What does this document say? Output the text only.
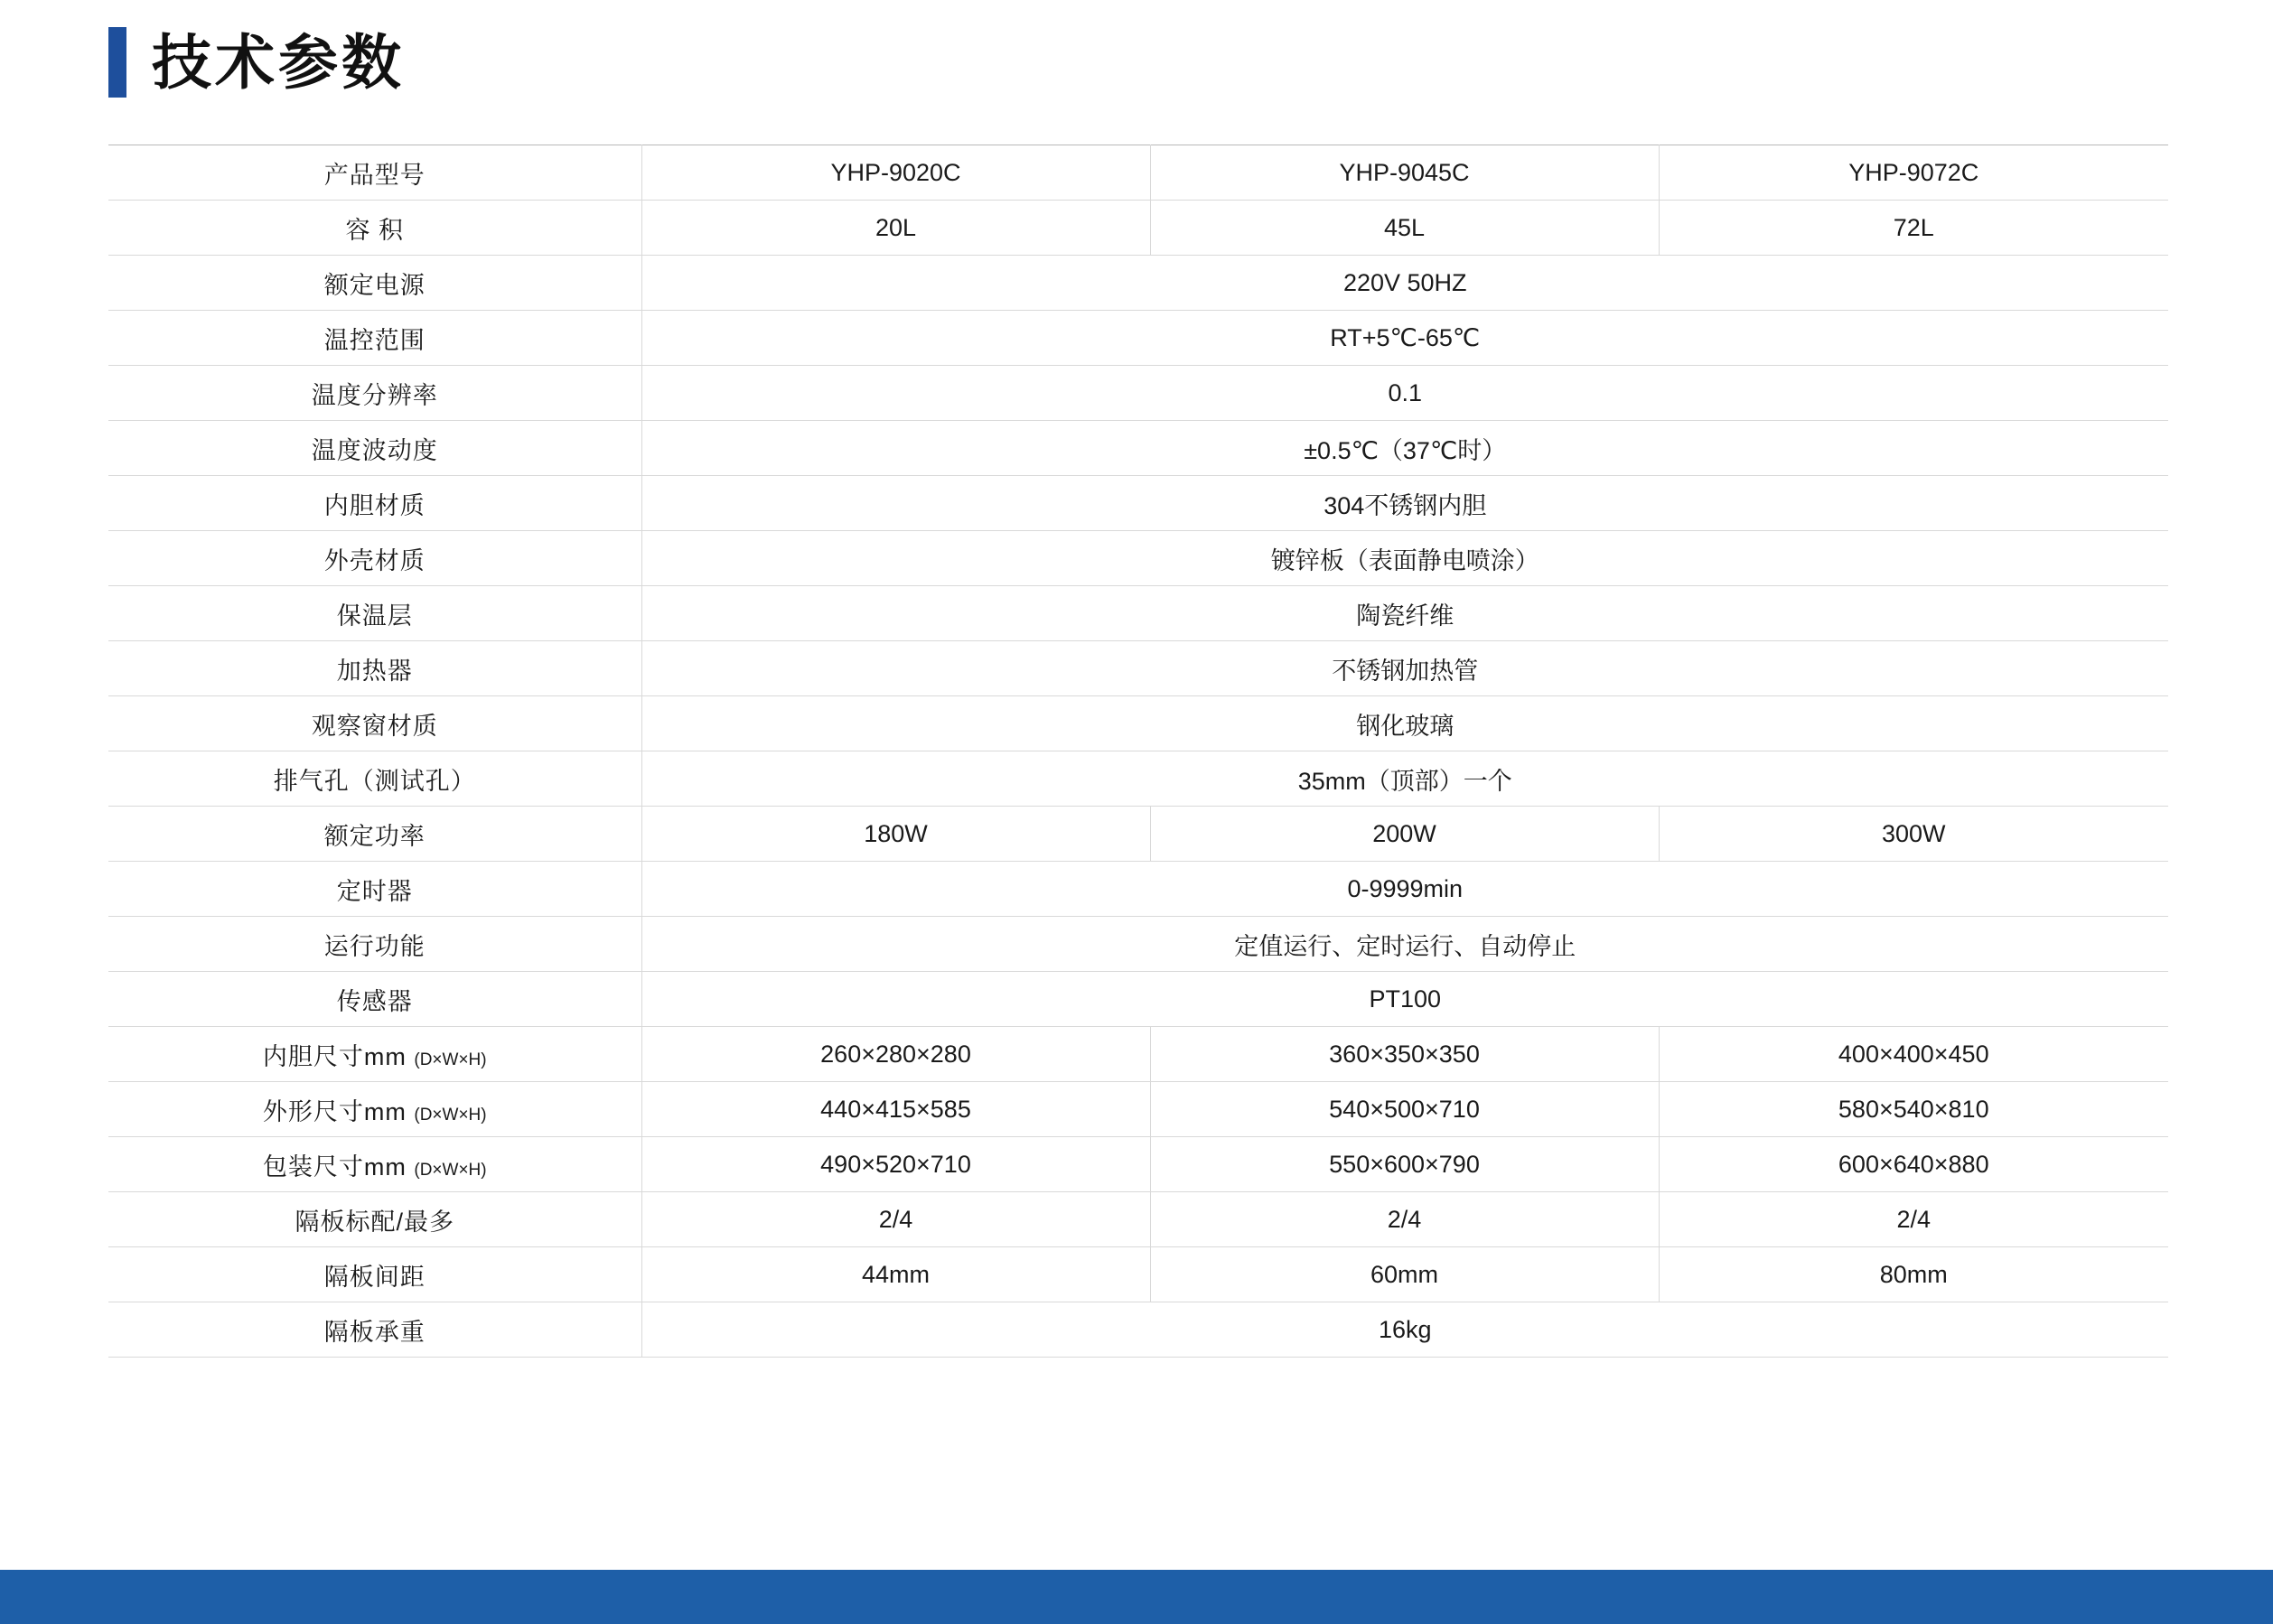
技术参数
产品型号	YHP-9020C	YHP-9045C	YHP-9072C
容 积	20L	45L	72L
额定电源	220V 50HZ		
温控范围	RT+5℃-65℃		
温度分辨率	0.1		
温度波动度	±0.5℃（37℃时）		
内胆材质	304不锈钢内胆		
外壳材质	镀锌板（表面静电喷涂）		
保温层	陶瓷纤维		
加热器	不锈钢加热管		
观察窗材质	钢化玻璃		
排气孔（测试孔）	35mm（顶部）一个		
额定功率	180W	200W	300W
定时器	0-9999min		
运行功能	定值运行、定时运行、自动停止		
传感器	PT100		
内胆尺寸mm (D×W×H)	260×280×280	360×350×350	400×400×450
外形尺寸mm (D×W×H)	440×415×585	540×500×710	580×540×810
包装尺寸mm (D×W×H)	490×520×710	550×600×790	600×640×880
隔板标配/最多	2/4	2/4	2/4
隔板间距	44mm	60mm	80mm
隔板承重	16kg		
